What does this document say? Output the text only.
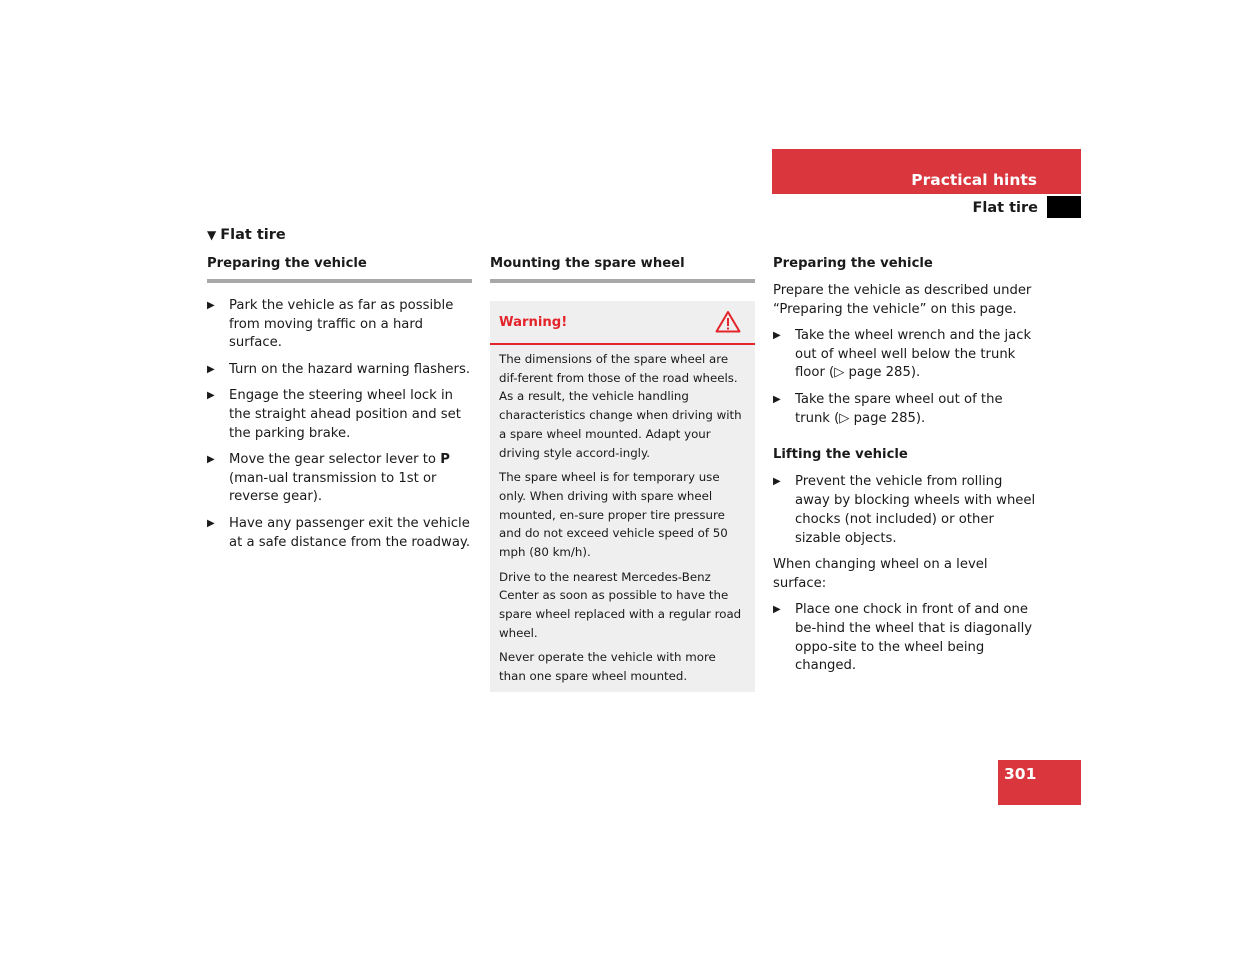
Practical hints
Flat tire
▼ Flat tire
Preparing the vehicle
▶ Park the vehicle as far as possible from moving traffic on a hard surface.
▶ Turn on the hazard warning flashers.
▶ Engage the steering wheel lock in the straight ahead position and set the parking brake.
▶ Move the gear selector lever to P (man-ual transmission to 1st or reverse gear).
▶ Have any passenger exit the vehicle at a safe distance from the roadway.
Mounting the spare wheel
Warning!

The dimensions of the spare wheel are dif-ferent from those of the road wheels. As a result, the vehicle handling characteristics change when driving with a spare wheel mounted. Adapt your driving style accord-ingly.

The spare wheel is for temporary use only. When driving with spare wheel mounted, en-sure proper tire pressure and do not exceed vehicle speed of 50 mph (80 km/h).

Drive to the nearest Mercedes-Benz Center as soon as possible to have the spare wheel replaced with a regular road wheel.

Never operate the vehicle with more than one spare wheel mounted.

Preparing the vehicle

Prepare the vehicle as described under “Preparing the vehicle” on this page.

▶ Take the wheel wrench and the jack out of wheel well below the trunk floor (▷ page 285).
▶ Take the spare wheel out of the trunk (▷ page 285).
Lifting the vehicle
▶ Prevent the vehicle from rolling away by blocking wheels with wheel chocks (not included) or other sizable objects.

When changing wheel on a level surface:

▶ Place one chock in front of and one be-hind the wheel that is diagonally oppo-site to the wheel being changed.
301
